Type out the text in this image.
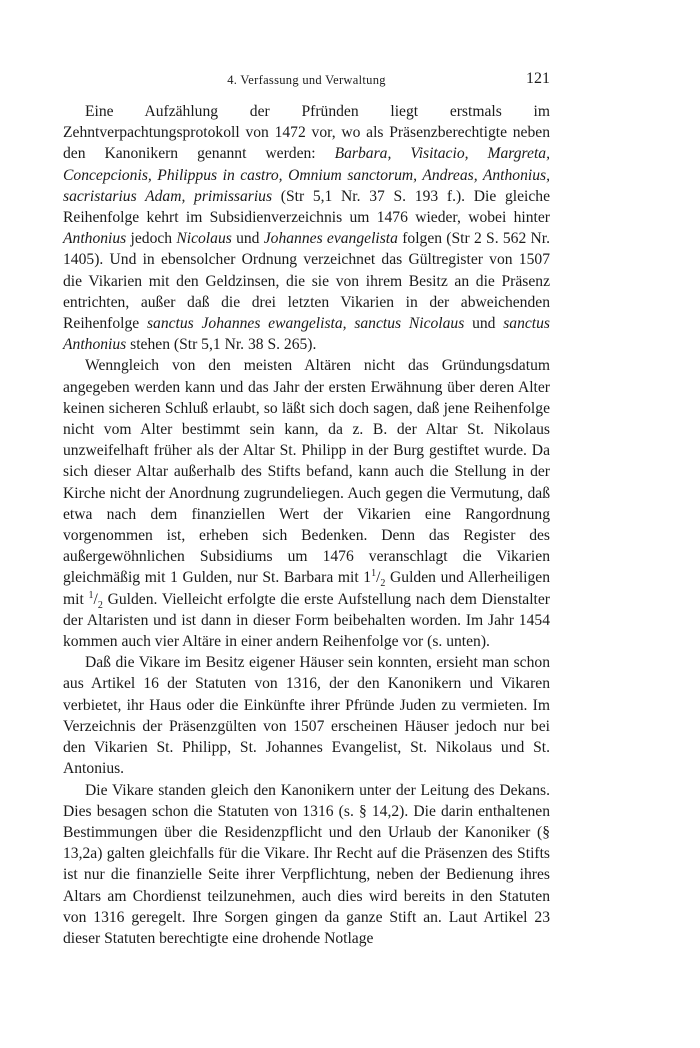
4. Verfassung und Verwaltung	121

Eine Aufzählung der Pfründen liegt erstmals im Zehntverpachtungsprotokoll von 1472 vor, wo als Präsenzberechtigte neben den Kanonikern genannt werden: Barbara, Visitacio, Margreta, Concepcionis, Philippus in castro, Omnium sanctorum, Andreas, Anthonius, sacristarius Adam, primissarius (Str 5,1 Nr. 37 S. 193 f.). Die gleiche Reihenfolge kehrt im Subsidienverzeichnis um 1476 wieder, wobei hinter Anthonius jedoch Nicolaus und Johannes evangelista folgen (Str 2 S. 562 Nr. 1405). Und in ebensolcher Ordnung verzeichnet das Gültregister von 1507 die Vikarien mit den Geldzinsen, die sie von ihrem Besitz an die Präsenz entrichten, außer daß die drei letzten Vikarien in der abweichenden Reihenfolge sanctus Johannes ewangelista, sanctus Nicolaus und sanctus Anthonius stehen (Str 5,1 Nr. 38 S. 265).

Wenngleich von den meisten Altären nicht das Gründungsdatum angegeben werden kann und das Jahr der ersten Erwähnung über deren Alter keinen sicheren Schluß erlaubt, so läßt sich doch sagen, daß jene Reihenfolge nicht vom Alter bestimmt sein kann, da z. B. der Altar St. Nikolaus unzweifelhaft früher als der Altar St. Philipp in der Burg gestiftet wurde. Da sich dieser Altar außerhalb des Stifts befand, kann auch die Stellung in der Kirche nicht der Anordnung zugrundeliegen. Auch gegen die Vermutung, daß etwa nach dem finanziellen Wert der Vikarien eine Rangordnung vorgenommen ist, erheben sich Bedenken. Denn das Register des außergewöhnlichen Subsidiums um 1476 veranschlagt die Vikarien gleichmäßig mit 1 Gulden, nur St. Barbara mit $1^1/_2$ Gulden und Allerheiligen mit $^1/_2$ Gulden. Vielleicht erfolgte die erste Aufstellung nach dem Dienstalter der Altaristen und ist dann in dieser Form beibehalten worden. Im Jahr 1454 kommen auch vier Altäre in einer andern Reihenfolge vor (s. unten).

Daß die Vikare im Besitz eigener Häuser sein konnten, ersieht man schon aus Artikel 16 der Statuten von 1316, der den Kanonikern und Vikaren verbietet, ihr Haus oder die Einkünfte ihrer Pfründe Juden zu vermieten. Im Verzeichnis der Präsenzgülten von 1507 erscheinen Häuser jedoch nur bei den Vikarien St. Philipp, St. Johannes Evangelist, St. Nikolaus und St. Antonius.

Die Vikare standen gleich den Kanonikern unter der Leitung des Dekans. Dies besagen schon die Statuten von 1316 (s. § 14,2). Die darin enthaltenen Bestimmungen über die Residenzpflicht und den Urlaub der Kanoniker (§ 13,2a) galten gleichfalls für die Vikare. Ihr Recht auf die Präsenzen des Stifts ist nur die finanzielle Seite ihrer Verpflichtung, neben der Bedienung ihres Altars am Chordienst teilzunehmen, auch dies wird bereits in den Statuten von 1316 geregelt. Ihre Sorgen gingen da ganze Stift an. Laut Artikel 23 dieser Statuten berechtigte eine drohende Notlage
